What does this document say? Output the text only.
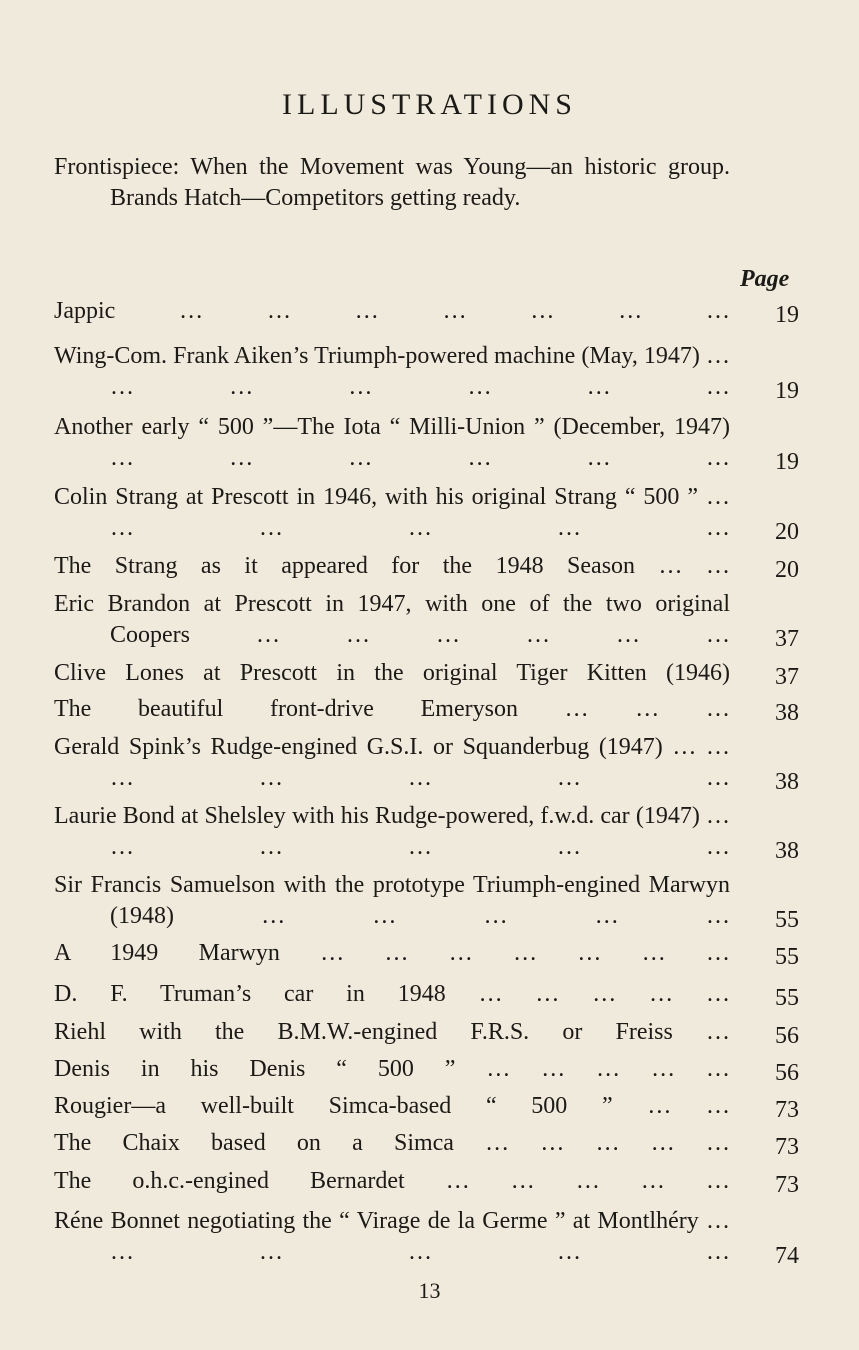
ILLUSTRATIONS
Frontispiece: When the Movement was Young—an historic group. Brands Hatch—Competitors getting ready.
Page
Jappic … … … … … … …	19
Wing-Com. Frank Aiken’s Triumph-powered machine (May, 1947) … … … … … … …	19
Another early “ 500 ”—The Iota “ Milli-Union ” (December, 1947) … … … … … …	19
Colin Strang at Prescott in 1946, with his original Strang “ 500 ” … … … … … …	20
The Strang as it appeared for the 1948 Season … …	20
Eric Brandon at Prescott in 1947, with one of the two original Coopers … … … … … …	37
Clive Lones at Prescott in the original Tiger Kitten (1946)	37
The beautiful front-drive Emeryson … … …	38
Gerald Spink’s Rudge-engined G.S.I. or Squanderbug (1947) … … … … … … …	38
Laurie Bond at Shelsley with his Rudge-powered, f.w.d. car (1947) … … … … … …	38
Sir Francis Samuelson with the prototype Triumph-engined Marwyn (1948) … … … … …	55
A 1949 Marwyn … … … … … … …	55
D. F. Truman’s car in 1948 … … … … …	55
Riehl with the B.M.W.-engined F.R.S. or Freiss …	56
Denis in his Denis “ 500 ” … … … … …	56
Rougier—a well-built Simca-based “ 500 ” … …	73
The Chaix based on a Simca … … … … …	73
The o.h.c.-engined Bernardet … … … … …	73
Réne Bonnet negotiating the “ Virage de la Germe ” at Montlhéry … … … … … …	74
13
